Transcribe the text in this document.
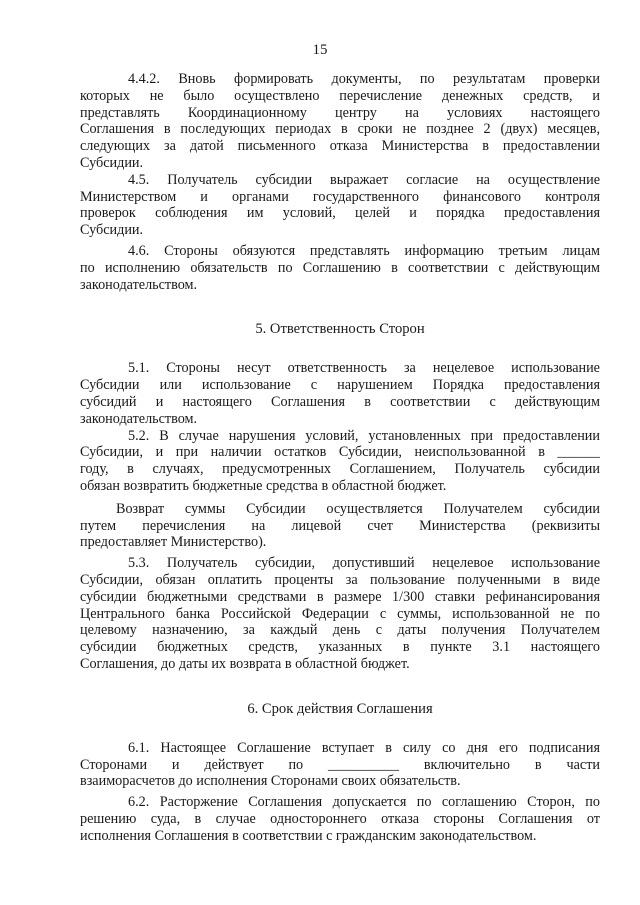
15
4.4.2. Вновь формировать документы, по результатам проверки
которых не было осуществлено перечисление денежных средств, и
представлять Координационному центру на условиях настоящего
Соглашения в последующих периодах в сроки не позднее 2 (двух) месяцев,
следующих за датой письменного отказа Министерства в предоставлении
Субсидии.
4.5. Получатель субсидии выражает согласие на осуществление
Министерством и органами государственного финансового контроля
проверок соблюдения им условий, целей и порядка предоставления
Субсидии.
4.6. Стороны обязуются представлять информацию третьим лицам
по исполнению обязательств по Соглашению в соответствии с действующим
законодательством.
5. Ответственность Сторон
5.1. Стороны несут ответственность за нецелевое использование
Субсидии или использование с нарушением Порядка предоставления
субсидий и настоящего Соглашения в соответствии с действующим
законодательством.
5.2. В случае нарушения условий, установленных при предоставлении
Субсидии, и при наличии остатков Субсидии, неиспользованной в ______
году, в случаях, предусмотренных Соглашением, Получатель субсидии
обязан возвратить бюджетные средства в областной бюджет.
Возврат суммы Субсидии осуществляется Получателем субсидии
путем перечисления на лицевой счет Министерства (реквизиты
предоставляет Министерство).
5.3. Получатель субсидии, допустивший нецелевое использование
Субсидии, обязан оплатить проценты за пользование полученными в виде
субсидии бюджетными средствами в размере 1/300 ставки рефинансирования
Центрального банка Российской Федерации с суммы, использованной не по
целевому назначению, за каждый день с даты получения Получателем
субсидии бюджетных средств, указанных в пункте 3.1 настоящего
Соглашения, до даты их возврата в областной бюджет.
6. Срок действия Соглашения
6.1. Настоящее Соглашение вступает в силу со дня его подписания
Сторонами и действует по __________ включительно в части
взаиморасчетов до исполнения Сторонами своих обязательств.
6.2. Расторжение Соглашения допускается по соглашению Сторон, по
решению суда, в случае одностороннего отказа стороны Соглашения от
исполнения Соглашения в соответствии с гражданским законодательством.
